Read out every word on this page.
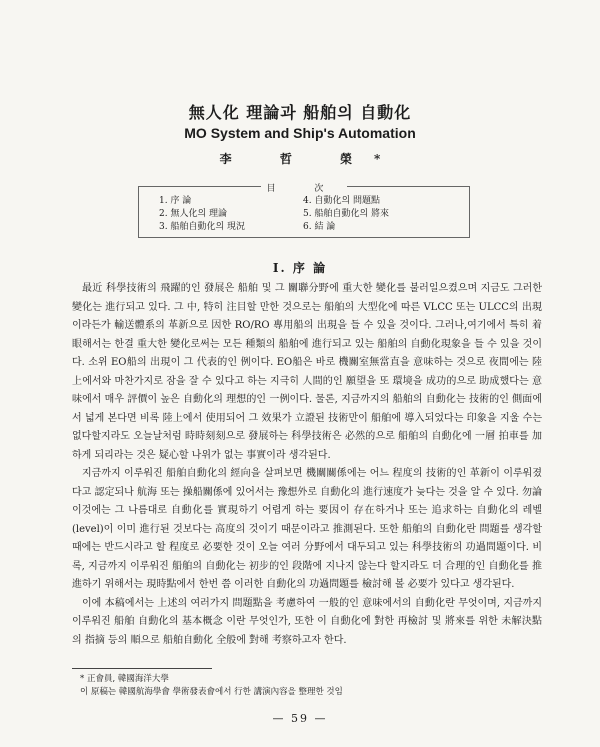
無人化 理論과 船舶의 自動化
MO System and Ship's Automation
李 哲 榮*
目 次
1. 序 論
2. 無人化의 理論
3. 船舶自動化의 現況
4. 自動化의 問題點
5. 船舶自動化의 將來
6. 結 論
I. 序 論

最近 科學技術의 飛躍的인 發展은 船舶 및 그 關聯分野에 重大한 變化를 불러일으켰으며 지금도 그러한 變化는 進行되고 있다. 그 中, 特히 注目할 만한 것으로는 船舶의 大型化에 따른 VLCC 또는 ULCC의 出現이라든가 輸送體系의 革新으로 因한 RO/RO 專用船의 出現을 들 수 있을 것이다. 그러나,여기에서 특히 着眼해서는 한결 重大한 變化로써는 모든 種類의 船舶에 進行되고 있는 船舶의 自動化現象을 들 수 있을 것이다. 소위 EO船의 出現이 그 代表的인 例이다. EO船은 바로 機關室無當直을 意味하는 것으로 夜間에는 陸上에서와 마찬가지로 잠을 잘 수 있다고 하는 지극히 人間的인 願望을 또 環境을 成功的으로 助成했다는 意味에서 매우 評價이 높은 自動化의 理想的인 一例이다. 물론, 지금까지의 船舶의 自動化는 技術的인 側面에서 넓게 본다면 비록 陸上에서 使用되어 그 效果가 立證된 技術만이 船舶에 導入되었다는 印象을 지울 수는 없다할지라도 오늘날처럼 時時刻刻으로 發展하는 科學技術은 必然的으로 船舶의 自動化에 一層 拍車를 加하게 되리라는 것은 疑心할 나위가 없는 事實이라 생각된다.

지금까지 이루워진 船舶自動化의 經向을 살펴보면 機關關係에는 어느 程度의 技術的인 革新이 이루워졌다고 認定되나 航海 또는 操船關係에 있어서는 豫想外로 自動化의 進行速度가 늦다는 것을 알 수 있다. 勿論 이것에는 그 나름대로 自動化를 實現하기 어렵게 하는 要因이 存在하거나 또는 追求하는 自動化의 레벨(level)이 이미 進行된 것보다는 高度의 것이기 때문이라고 推測된다. 또한 船舶의 自動化란 問題를 생각할 때에는 반드시라고 할 程度로 必要한 것이 오늘 여러 分野에서 대두되고 있는 科學技術의 功過問題이다. 비록, 지금까지 이루워진 船舶의 自動化는 初步的인 段階에 지나지 않는다 할지라도 더 合理的인 自動化를 推進하기 위해서는 現時點에서 한번 쯤 이러한 自動化의 功過問題를 檢討해 볼 必要가 있다고 생각된다.

이에 本稿에서는 上述의 여러가지 問題點을 考慮하여 一般的인 意味에서의 自動化란 무엇이며, 지금까지 이루워진 船舶 自動化의 基本概念 이란 무엇인가, 또한 이 自動化에 對한 再檢討 및 將來를 위한 未解決點의 指摘 등의 順으로 船舶自動化 全般에 對해 考察하고자 한다.

* 正會員, 韓國海洋大學
이 原稿는 韓國航海學會 學術發表會에서 行한 講演內容을 整理한 것임
— 59 —
